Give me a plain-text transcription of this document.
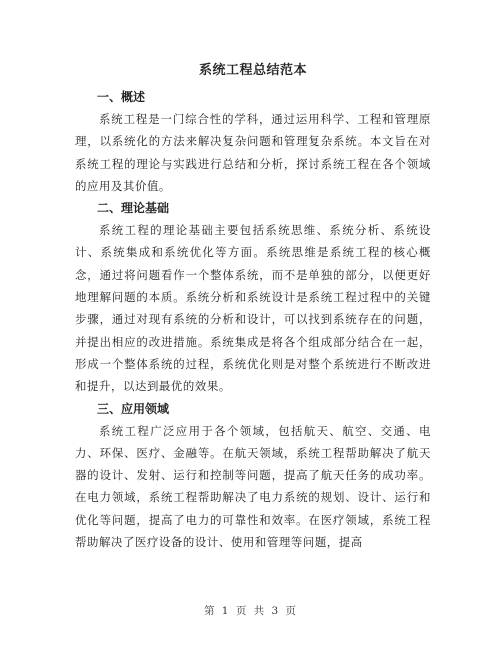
系统工程总结范本
一、概述

系统工程是一门综合性的学科，通过运用科学、工程和管理原理，以系统化的方法来解决复杂问题和管理复杂系统。本文旨在对系统工程的理论与实践进行总结和分析，探讨系统工程在各个领域的应用及其价值。

二、理论基础

系统工程的理论基础主要包括系统思维、系统分析、系统设计、系统集成和系统优化等方面。系统思维是系统工程的核心概念，通过将问题看作一个整体系统，而不是单独的部分，以便更好地理解问题的本质。系统分析和系统设计是系统工程过程中的关键步骤，通过对现有系统的分析和设计，可以找到系统存在的问题，并提出相应的改进措施。系统集成是将各个组成部分结合在一起，形成一个整体系统的过程，系统优化则是对整个系统进行不断改进和提升，以达到最优的效果。

三、应用领域

系统工程广泛应用于各个领域，包括航天、航空、交通、电力、环保、医疗、金融等。在航天领域，系统工程帮助解决了航天器的设计、发射、运行和控制等问题，提高了航天任务的成功率。在电力领域，系统工程帮助解决了电力系统的规划、设计、运行和优化等问题，提高了电力的可靠性和效率。在医疗领域，系统工程帮助解决了医疗设备的设计、使用和管理等问题，提高

第 1 页 共 3 页
